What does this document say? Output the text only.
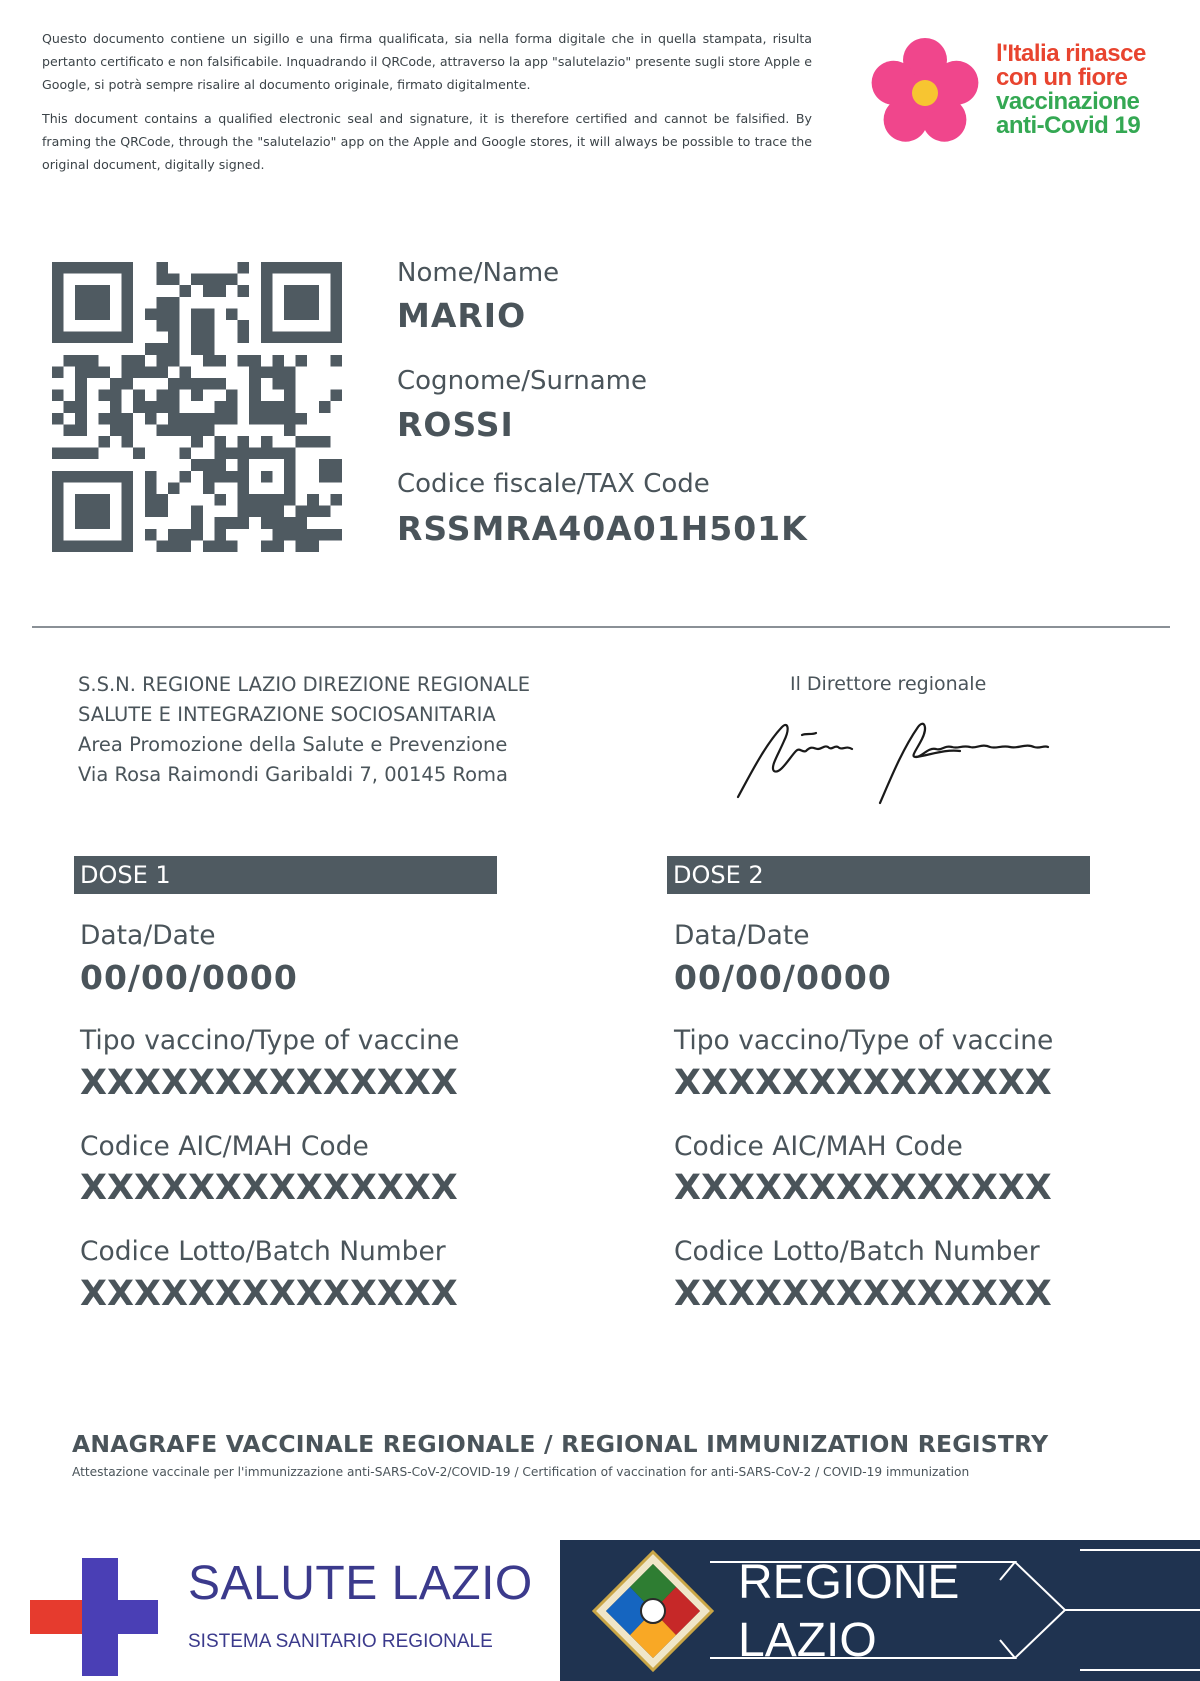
Questo documento contiene un sigillo e una firma qualificata, sia nella forma digitale che in quella stampata, risulta pertanto certificato e non falsificabile. Inquadrando il QRCode, attraverso la app "salutelazio" presente sugli store Apple e Google, si potrà sempre risalire al documento originale, firmato digitalmente.

This document contains a qualified electronic seal and signature, it is therefore certified and cannot be falsified. By framing the QRCode, through the "salutelazio" app on the Apple and Google stores, it will always be possible to trace the original document, digitally signed.

l'Italia rinasce
con un fiore
vaccinazione
anti-Covid 19
Nome/Name
MARIO
Cognome/Surname
ROSSI
Codice fiscale/TAX Code
RSSMRA40A01H501K
S.S.N. REGIONE LAZIO DIREZIONE REGIONALE
SALUTE E INTEGRAZIONE SOCIOSANITARIA
Area Promozione della Salute e Prevenzione
Via Rosa Raimondi Garibaldi 7, 00145 Roma
Il Direttore regionale
DOSE 1
Data/Date
00/00/0000
Tipo vaccino/Type of vaccine
XXXXXXXXXXXXXX
Codice AIC/MAH Code
XXXXXXXXXXXXXX
Codice Lotto/Batch Number
XXXXXXXXXXXXXX
DOSE 2
Data/Date
00/00/0000
Tipo vaccino/Type of vaccine
XXXXXXXXXXXXXX
Codice AIC/MAH Code
XXXXXXXXXXXXXX
Codice Lotto/Batch Number
XXXXXXXXXXXXXX
ANAGRAFE VACCINALE REGIONALE / REGIONAL IMMUNIZATION REGISTRY
Attestazione vaccinale per l'immunizzazione anti-SARS-CoV-2/COVID-19 / Certification of vaccination for anti-SARS-CoV-2 / COVID-19 immunization
SALUTE LAZIO
SISTEMA SANITARIO REGIONALE
REGIONE
LAZIO
